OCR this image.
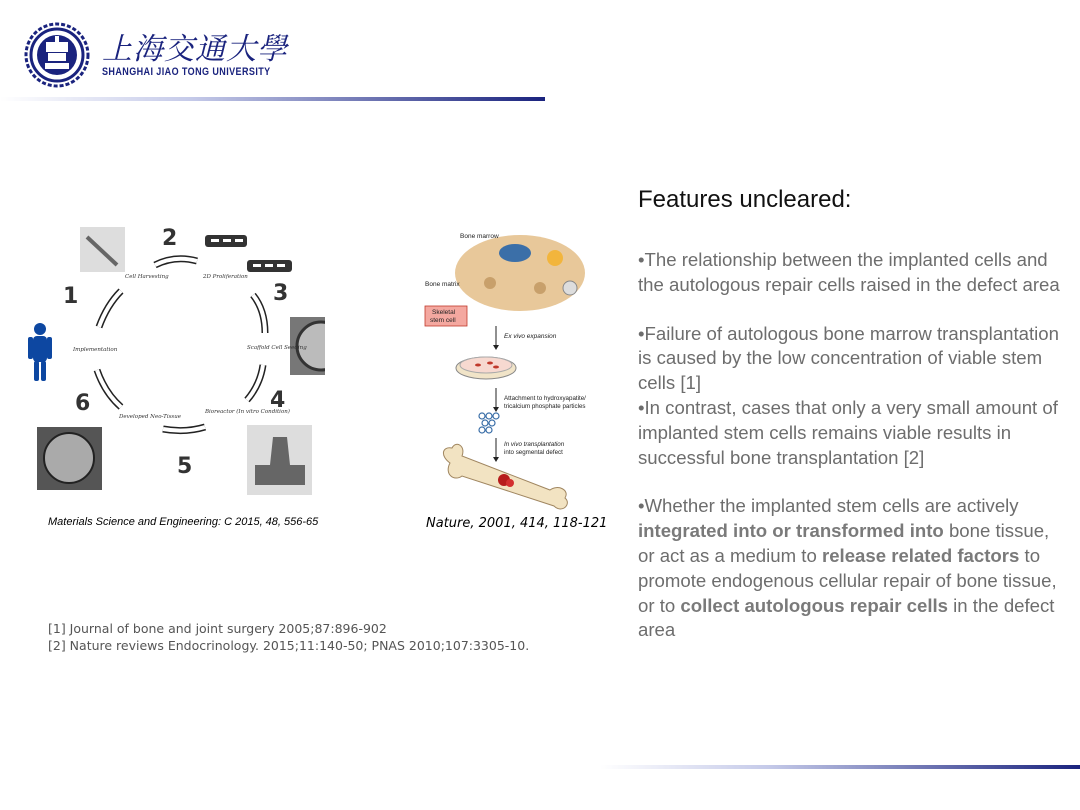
上海交通大學
SHANGHAI JIAO TONG UNIVERSITY
1
2
3
4
5
6
Cell Harvesting	2D Proliferation
Scaffold Cell Seeding
Bioreactor (In vitro Condition)
Developed Neo-Tissue
Implementation
Bone marrow
Bone matrix
Skeletal
stem cell
Ex vivo expansion
Attachment to hydroxyapatite/
tricalcium phosphate particles
In vivo transplantation
into segmental defect
Materials Science and Engineering: C 2015, 48, 556-65	Nature, 2001, 414, 118-121
[1] Journal of bone and joint surgery 2005;87:896-902
[2] Nature reviews Endocrinology. 2015;11:140-50; PNAS 2010;107:3305-10.
Features uncleared:

•The relationship between the implanted cells and the autologous repair cells raised in the defect area

•Failure of autologous bone marrow transplantation is caused by the low concentration of viable stem cells [1]

•In contrast, cases that only a very small amount of implanted stem cells remains viable results in successful bone transplantation [2]

•Whether the implanted stem cells are actively integrated into or transformed into bone tissue, or act as a medium to release related factors to promote endogenous cellular repair of bone tissue, or to collect autologous repair cells in the defect area
